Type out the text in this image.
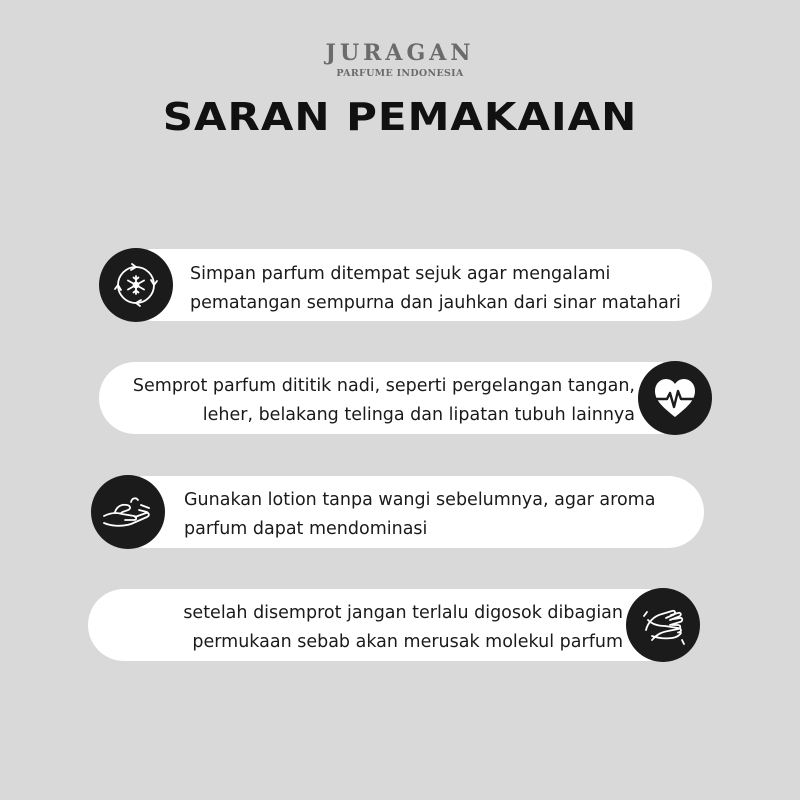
JURAGAN
PARFUME INDONESIA
SARAN PEMAKAIAN
Simpan parfum ditempat sejuk agar mengalami
pematangan sempurna dan jauhkan dari sinar matahari
Semprot parfum dititik nadi, seperti pergelangan tangan,
leher, belakang telinga dan lipatan tubuh lainnya
Gunakan lotion tanpa wangi sebelumnya, agar aroma
parfum dapat mendominasi
setelah disemprot jangan terlalu digosok dibagian
permukaan sebab akan merusak molekul parfum
